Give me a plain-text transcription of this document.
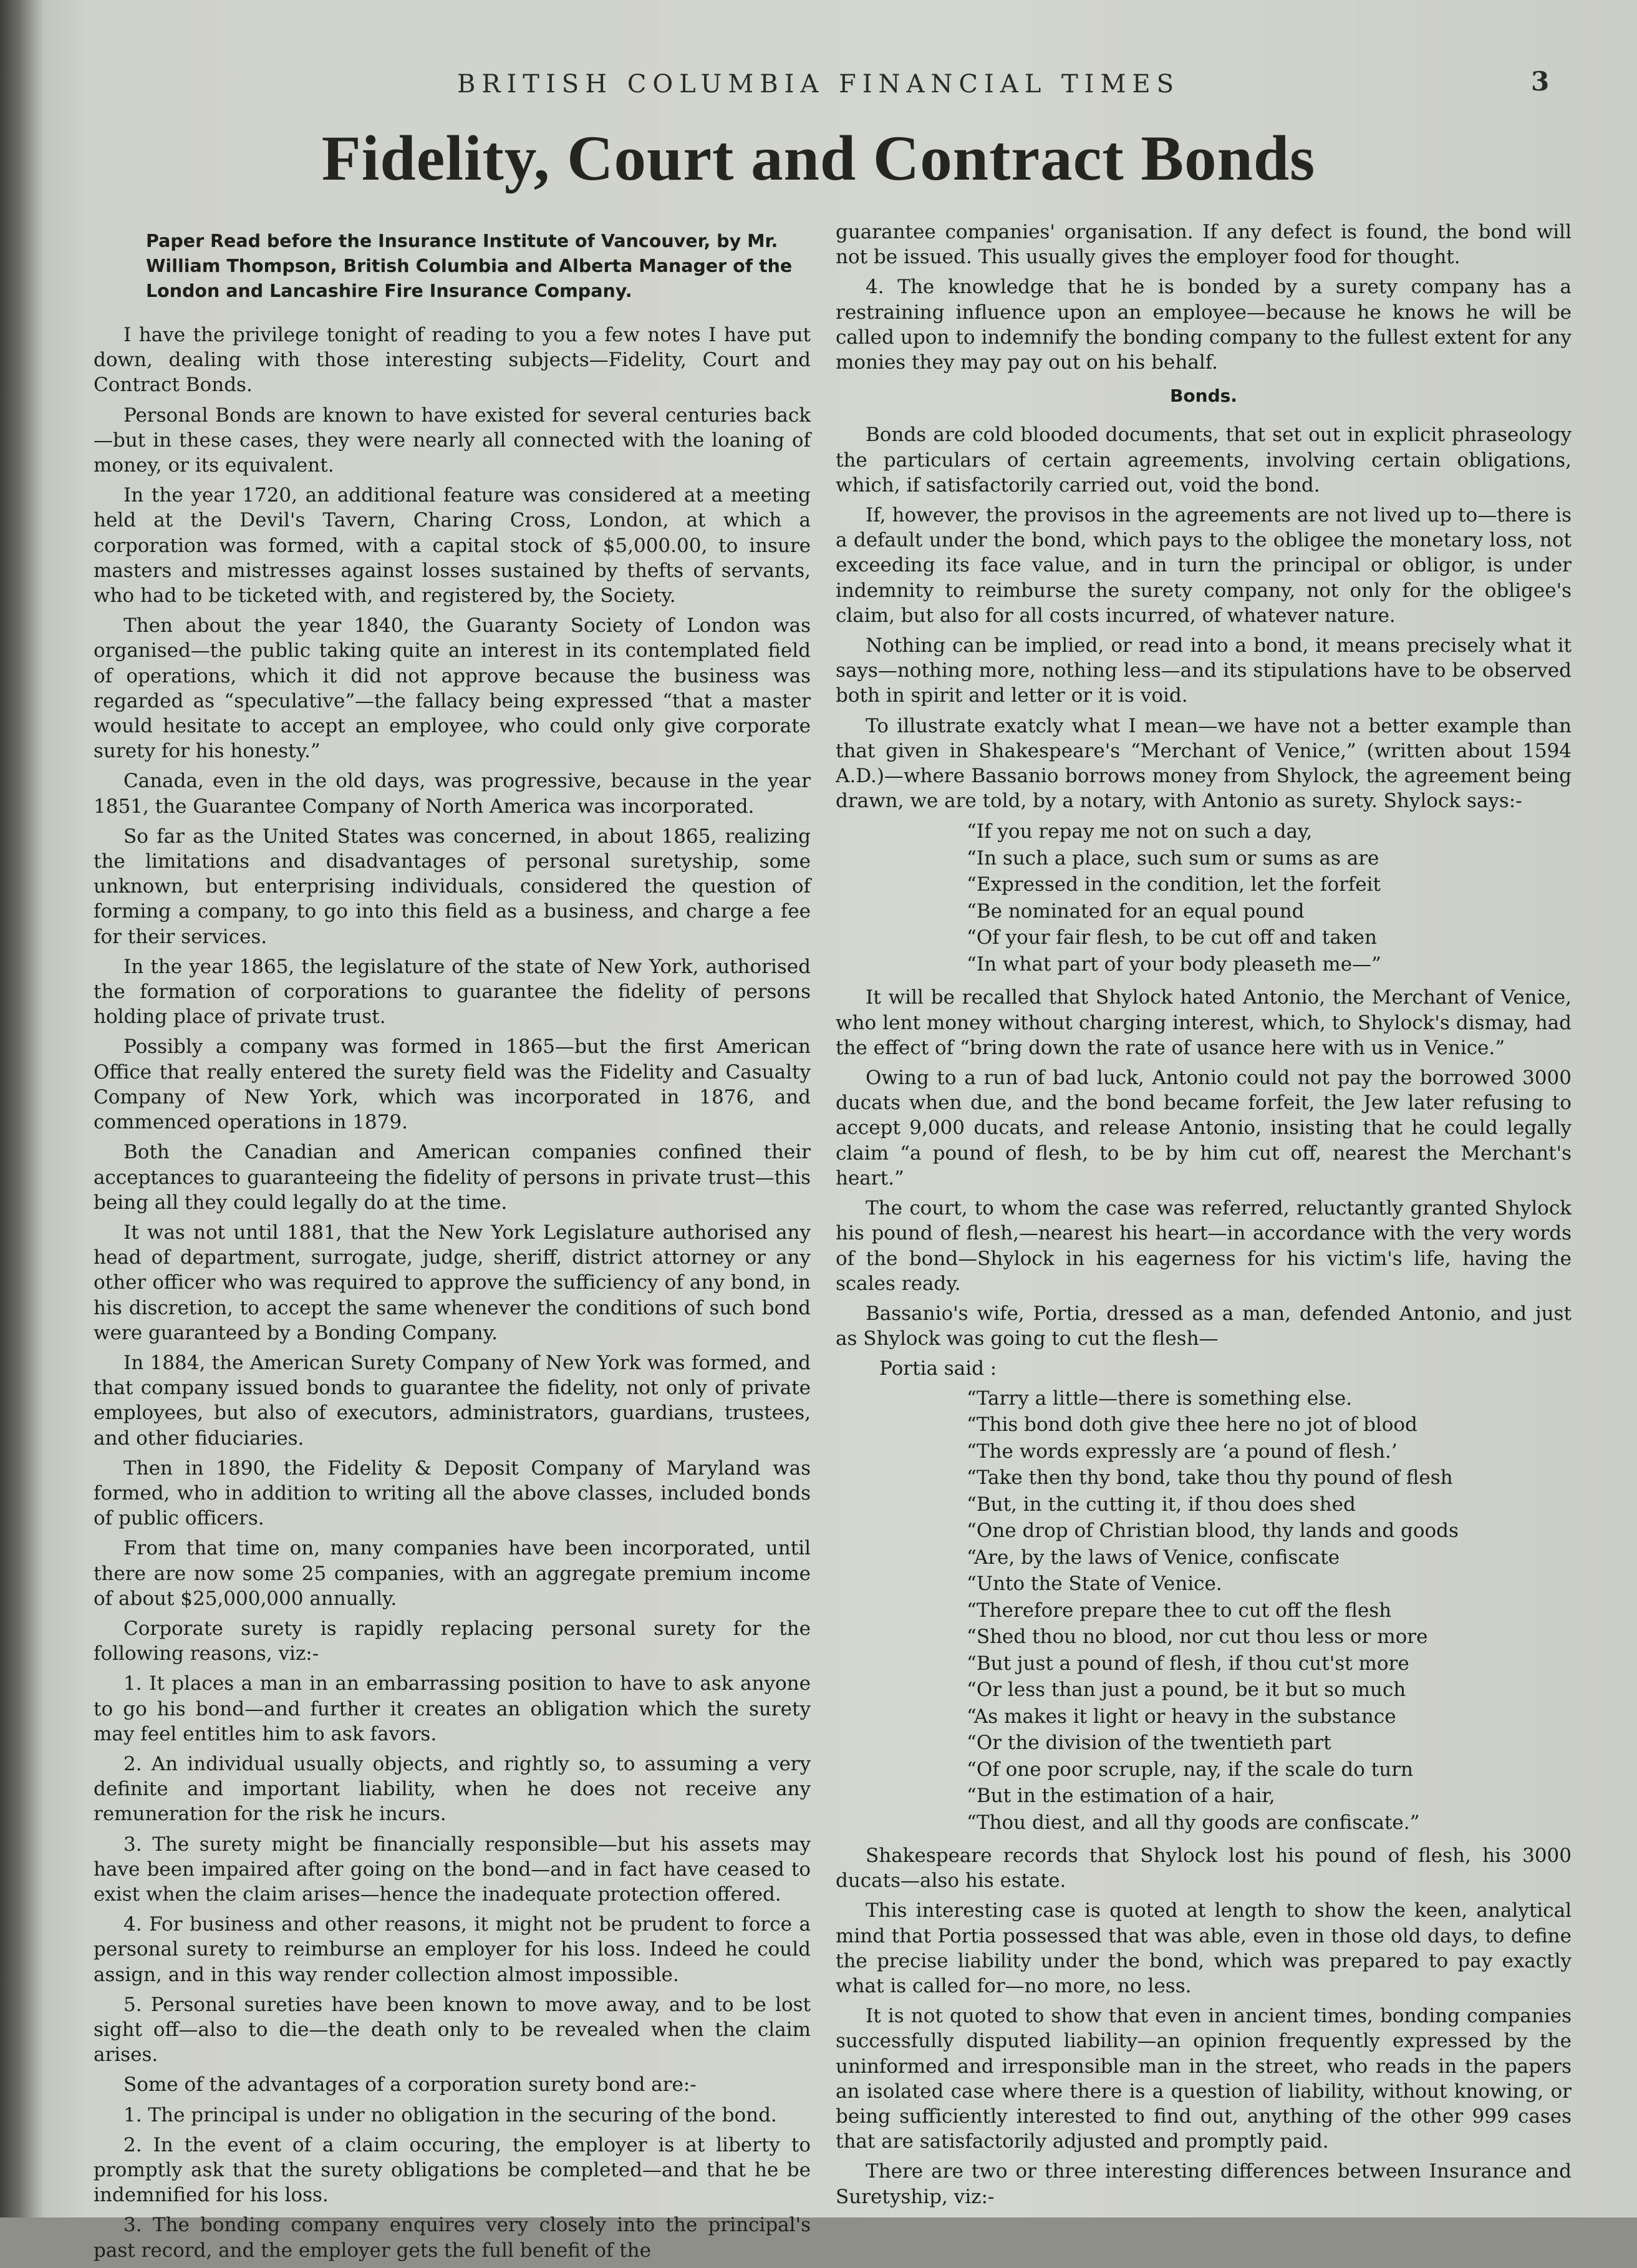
BRITISH COLUMBIA FINANCIAL TIMES	3
Fidelity, Court and Contract Bonds

Paper Read before the Insurance Institute of Vancouver, by Mr. William Thompson, British Columbia and Alberta Manager of the London and Lancashire Fire Insurance Company.

I have the privilege tonight of reading to you a few notes I have put down, dealing with those interesting subjects—Fidelity, Court and Contract Bonds.

Personal Bonds are known to have existed for several centuries back—but in these cases, they were nearly all connected with the loaning of money, or its equivalent.

In the year 1720, an additional feature was considered at a meeting held at the Devil's Tavern, Charing Cross, London, at which a corporation was formed, with a capital stock of $5,000.00, to insure masters and mistresses against losses sustained by thefts of servants, who had to be ticketed with, and registered by, the Society.

Then about the year 1840, the Guaranty Society of London was organised—the public taking quite an interest in its contemplated field of operations, which it did not approve because the business was regarded as “speculative”—the fallacy being expressed “that a master would hesitate to accept an employee, who could only give corporate surety for his honesty.”

Canada, even in the old days, was progressive, because in the year 1851, the Guarantee Company of North America was incorporated.

So far as the United States was concerned, in about 1865, realizing the limitations and disadvantages of personal suretyship, some unknown, but enterprising individuals, considered the question of forming a company, to go into this field as a business, and charge a fee for their services.

In the year 1865, the legislature of the state of New York, authorised the formation of corporations to guarantee the fidelity of persons holding place of private trust.

Possibly a company was formed in 1865—but the first American Office that really entered the surety field was the Fidelity and Casualty Company of New York, which was incorporated in 1876, and commenced operations in 1879.

Both the Canadian and American companies confined their acceptances to guaranteeing the fidelity of persons in private trust—this being all they could legally do at the time.

It was not until 1881, that the New York Legislature authorised any head of department, surrogate, judge, sheriff, district attorney or any other officer who was required to approve the sufficiency of any bond, in his discretion, to accept the same whenever the conditions of such bond were guaranteed by a Bonding Company.

In 1884, the American Surety Company of New York was formed, and that company issued bonds to guarantee the fidelity, not only of private employees, but also of executors, administrators, guardians, trustees, and other fiduciaries.

Then in 1890, the Fidelity & Deposit Company of Maryland was formed, who in addition to writing all the above classes, included bonds of public officers.

From that time on, many companies have been incorporated, until there are now some 25 companies, with an aggregate premium income of about $25,000,000 annually.

Corporate surety is rapidly replacing personal surety for the following reasons, viz:-

1. It places a man in an embarrassing position to have to ask anyone to go his bond—and further it creates an obligation which the surety may feel entitles him to ask favors.

2. An individual usually objects, and rightly so, to assuming a very definite and important liability, when he does not receive any remuneration for the risk he incurs.

3. The surety might be financially responsible—but his assets may have been impaired after going on the bond—and in fact have ceased to exist when the claim arises—hence the inadequate protection offered.

4. For business and other reasons, it might not be prudent to force a personal surety to reimburse an employer for his loss. Indeed he could assign, and in this way render collection almost impossible.

5. Personal sureties have been known to move away, and to be lost sight off—also to die—the death only to be revealed when the claim arises.

Some of the advantages of a corporation surety bond are:-

1. The principal is under no obligation in the securing of the bond.

2. In the event of a claim occuring, the employer is at liberty to promptly ask that the surety obligations be completed—and that he be indemnified for his loss.

3. The bonding company enquires very closely into the principal's past record, and the employer gets the full benefit of the

guarantee companies' organisation. If any defect is found, the bond will not be issued. This usually gives the employer food for thought.

4. The knowledge that he is bonded by a surety company has a restraining influence upon an employee—because he knows he will be called upon to indemnify the bonding company to the fullest extent for any monies they may pay out on his behalf.

Bonds.

Bonds are cold blooded documents, that set out in explicit phraseology the particulars of certain agreements, involving certain obligations, which, if satisfactorily carried out, void the bond.

If, however, the provisos in the agreements are not lived up to—there is a default under the bond, which pays to the obligee the monetary loss, not exceeding its face value, and in turn the principal or obligor, is under indemnity to reimburse the surety company, not only for the obligee's claim, but also for all costs incurred, of whatever nature.

Nothing can be implied, or read into a bond, it means precisely what it says—nothing more, nothing less—and its stipulations have to be observed both in spirit and letter or it is void.

To illustrate exatcly what I mean—we have not a better example than that given in Shakespeare's “Merchant of Venice,” (written about 1594 A.D.)—where Bassanio borrows money from Shylock, the agreement being drawn, we are told, by a notary, with Antonio as surety. Shylock says:-

“If you repay me not on such a day,
“In such a place, such sum or sums as are
“Expressed in the condition, let the forfeit
“Be nominated for an equal pound
“Of your fair flesh, to be cut off and taken
“In what part of your body pleaseth me—”

It will be recalled that Shylock hated Antonio, the Merchant of Venice, who lent money without charging interest, which, to Shylock's dismay, had the effect of “bring down the rate of usance here with us in Venice.”

Owing to a run of bad luck, Antonio could not pay the borrowed 3000 ducats when due, and the bond became forfeit, the Jew later refusing to accept 9,000 ducats, and release Antonio, insisting that he could legally claim “a pound of flesh, to be by him cut off, nearest the Merchant's heart.”

The court, to whom the case was referred, reluctantly granted Shylock his pound of flesh,—nearest his heart—in accordance with the very words of the bond—Shylock in his eagerness for his victim's life, having the scales ready.

Bassanio's wife, Portia, dressed as a man, defended Antonio, and just as Shylock was going to cut the flesh—

Portia said :

“Tarry a little—there is something else.
“This bond doth give thee here no jot of blood
“The words expressly are ‘a pound of flesh.’
“Take then thy bond, take thou thy pound of flesh
“But, in the cutting it, if thou does shed
“One drop of Christian blood, thy lands and goods
“Are, by the laws of Venice, confiscate
“Unto the State of Venice.
“Therefore prepare thee to cut off the flesh
“Shed thou no blood, nor cut thou less or more
“But just a pound of flesh, if thou cut'st more
“Or less than just a pound, be it but so much
“As makes it light or heavy in the substance
“Or the division of the twentieth part
“Of one poor scruple, nay, if the scale do turn
“But in the estimation of a hair,
“Thou diest, and all thy goods are confiscate.”

Shakespeare records that Shylock lost his pound of flesh, his 3000 ducats—also his estate.

This interesting case is quoted at length to show the keen, analytical mind that Portia possessed that was able, even in those old days, to define the precise liability under the bond, which was prepared to pay exactly what is called for—no more, no less.

It is not quoted to show that even in ancient times, bonding companies successfully disputed liability—an opinion frequently expressed by the uninformed and irresponsible man in the street, who reads in the papers an isolated case where there is a question of liability, without knowing, or being sufficiently interested to find out, anything of the other 999 cases that are satisfactorily adjusted and promptly paid.

There are two or three interesting differences between Insurance and Suretyship, viz:-
